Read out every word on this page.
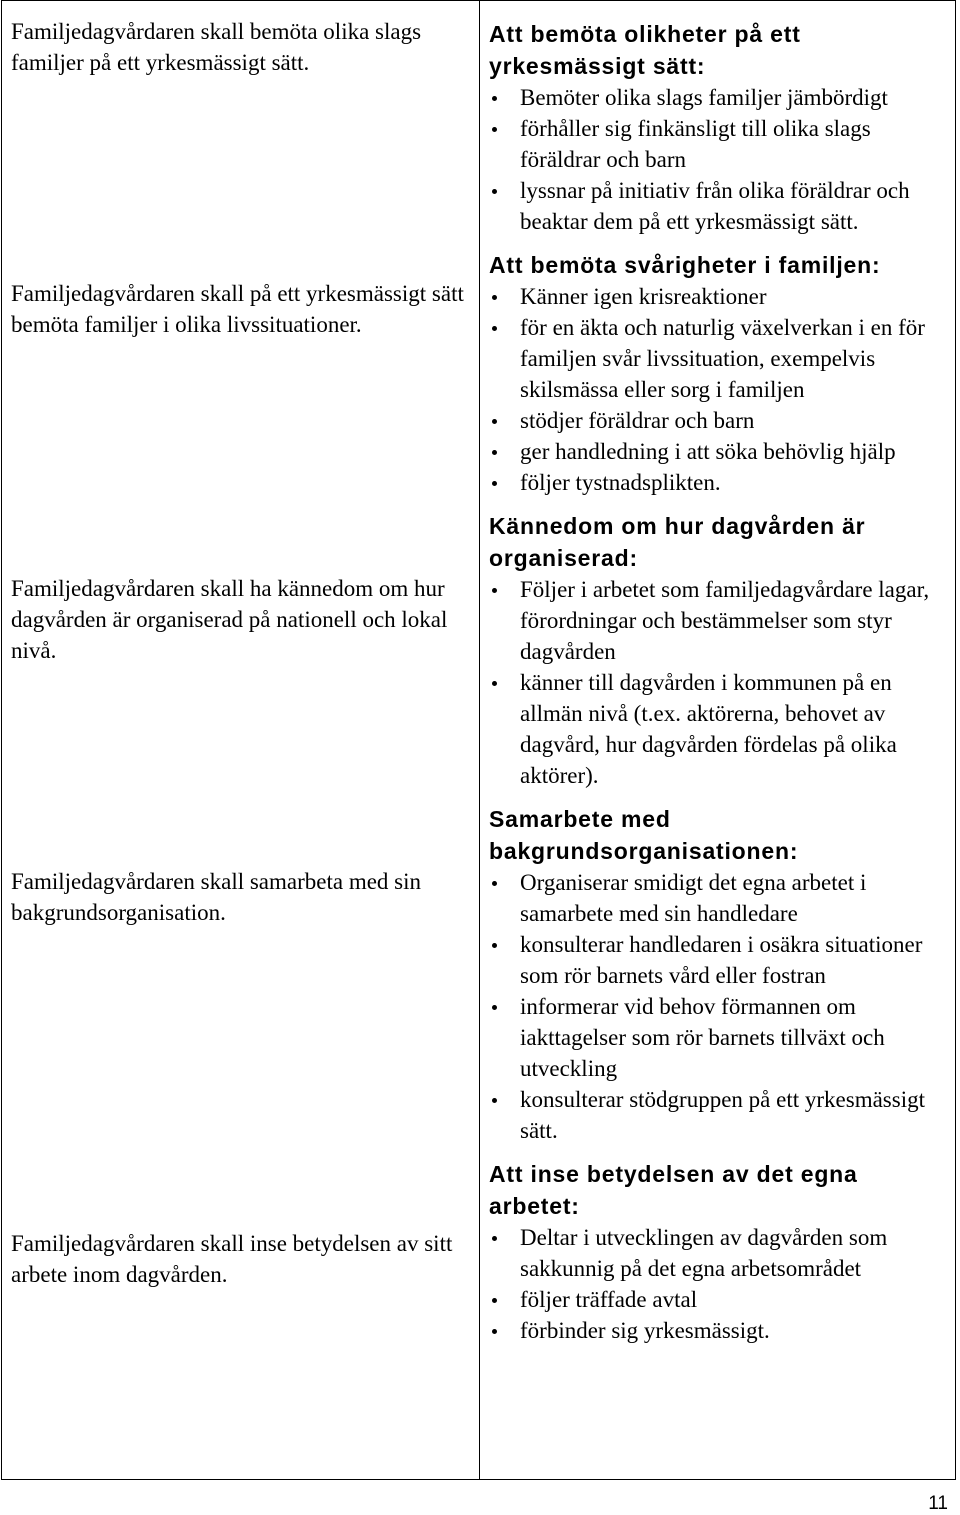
Familjedagvårdaren skall bemöta olika slags familjer på ett yrkesmässigt sätt.
Familjedagvårdaren skall på ett yrkesmässigt sätt bemöta familjer i olika livssituationer.
Familjedagvårdaren skall ha kännedom om hur dagvården är organiserad på nationell och lokal nivå.
Familjedagvårdaren skall samarbeta med sin bakgrundsorganisation.
Familjedagvårdaren skall inse betydelsen av sitt arbete inom dagvården.
Att bemöta olikheter på ett yrkesmässigt sätt:
Bemöter olika slags familjer jämbördigt
förhåller sig finkänsligt till olika slags föräldrar och barn
lyssnar på initiativ från olika föräldrar och beaktar dem på ett yrkesmässigt sätt.
Att bemöta svårigheter i familjen:
Känner igen krisreaktioner
för en äkta och naturlig växelverkan i en för familjen svår livssituation, exempelvis skilsmässa eller sorg i familjen
stödjer föräldrar och barn
ger handledning i att söka behövlig hjälp
följer tystnadsplikten.
Kännedom om hur dagvården är organiserad:
Följer i arbetet som familjedagvårdare lagar, förordningar och bestämmelser som styr dagvården
känner till dagvården i kommunen på en allmän nivå (t.ex. aktörerna, behovet av dagvård, hur dagvården fördelas på olika aktörer).
Samarbete med bakgrundsorganisationen:
Organiserar smidigt det egna arbetet i samarbete med sin handledare
konsulterar handledaren i osäkra situationer som rör barnets vård eller fostran
informerar vid behov förmannen om iakttagelser som rör barnets tillväxt och utveckling
konsulterar stödgruppen på ett yrkesmässigt sätt.
Att inse betydelsen av det egna arbetet:
Deltar i utvecklingen av dagvården som sakkunnig på det egna arbetsområdet
följer träffade avtal
förbinder sig yrkesmässigt.
11
